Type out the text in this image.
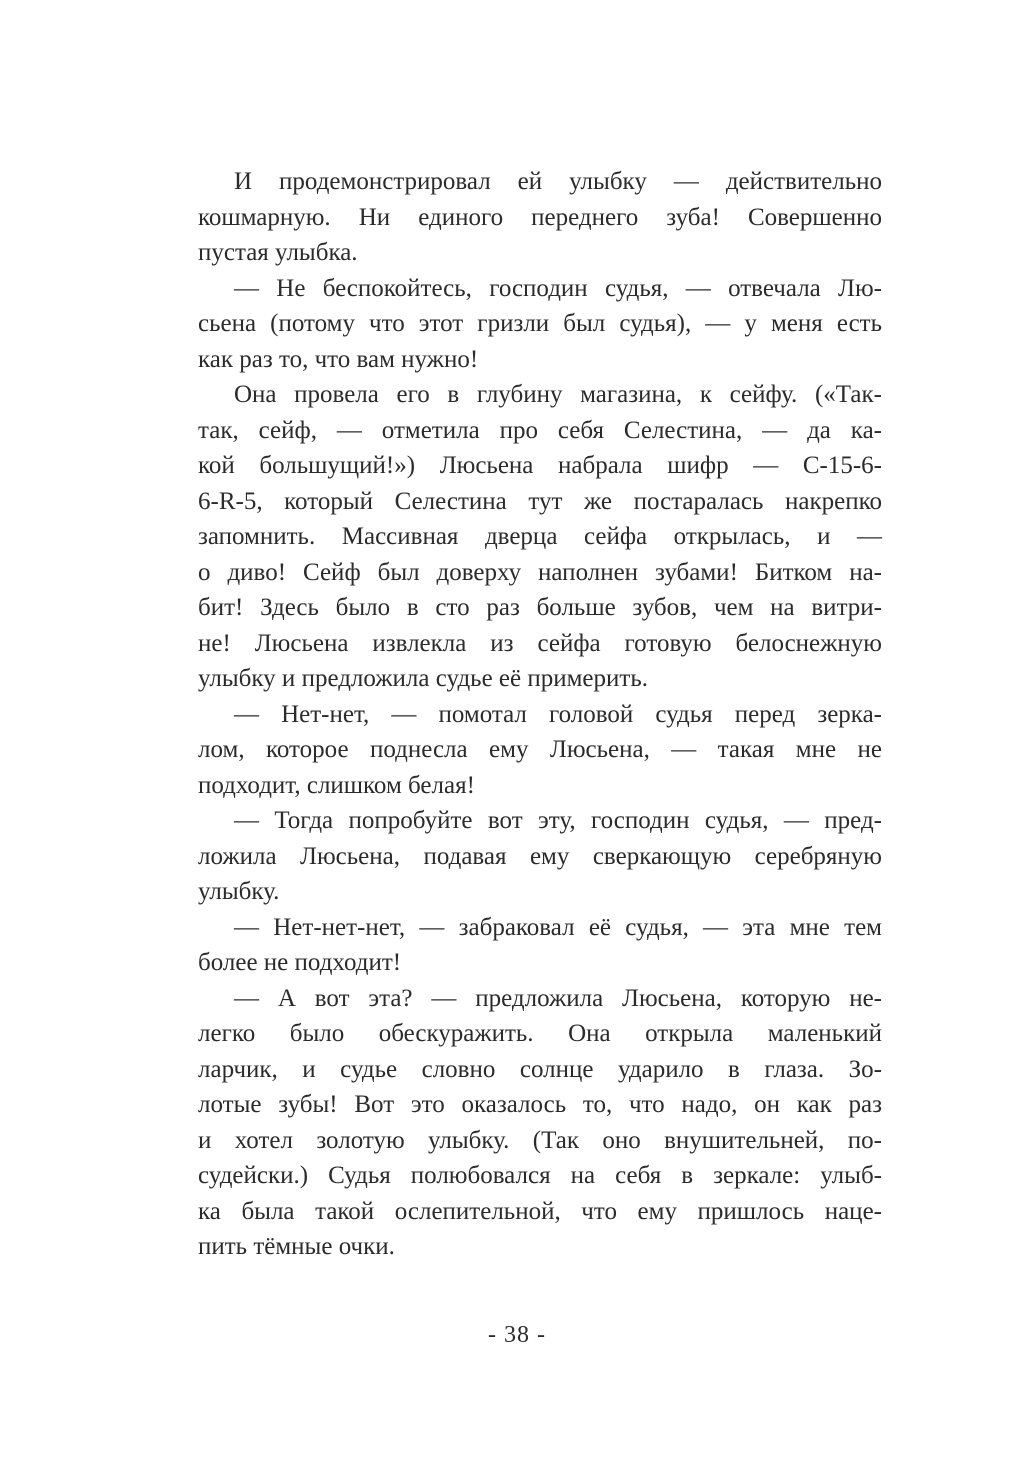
И продемонстрировал ей улыбку — действительно
кошмарную. Ни единого переднего зуба! Совершенно
пустая улыбка.
— Не беспокойтесь, господин судья, — отвечала Лю-
сьена (потому что этот гризли был судья), — у меня есть
как раз то, что вам нужно!
Она провела его в глубину магазина, к сейфу. («Так-
так, сейф, — отметила про себя Селестина, — да ка-
кой большущий!») Люсьена набрала шифр — С-15-6-
6-R-5, который Селестина тут же постаралась накрепко
запомнить. Массивная дверца сейфа открылась, и —
о диво! Сейф был доверху наполнен зубами! Битком на-
бит! Здесь было в сто раз больше зубов, чем на витри-
не! Люсьена извлекла из сейфа готовую белоснежную
улыбку и предложила судье её примерить.
— Нет-нет, — помотал головой судья перед зерка-
лом, которое поднесла ему Люсьена, — такая мне не
подходит, слишком белая!
— Тогда попробуйте вот эту, господин судья, — пред-
ложила Люсьена, подавая ему сверкающую серебряную
улыбку.
— Нет-нет-нет, — забраковал её судья, — эта мне тем
более не подходит!
— А вот эта? — предложила Люсьена, которую не-
легко было обескуражить. Она открыла маленький
ларчик, и судье словно солнце ударило в глаза. Зо-
лотые зубы! Вот это оказалось то, что надо, он как раз
и хотел золотую улыбку. (Так оно внушительней, по-
судейски.) Судья полюбовался на себя в зеркале: улыб-
ка была такой ослепительной, что ему пришлось наце-
пить тёмные очки.
- 38 -
